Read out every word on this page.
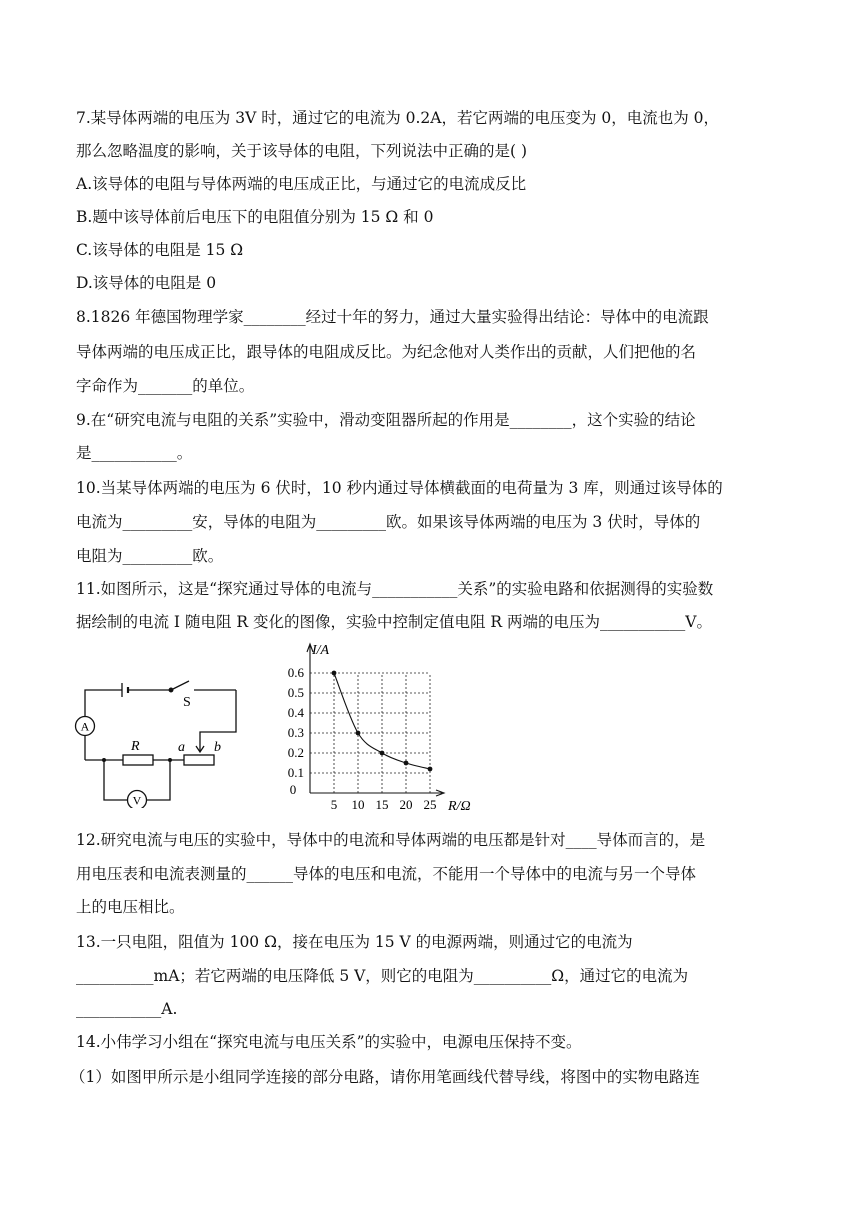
7.某导体两端的电压为 3V 时，通过它的电流为 0.2A，若它两端的电压变为 0，电流也为 0，
那么忽略温度的影响，关于该导体的电阻，下列说法中正确的是( )
A.该导体的电阻与导体两端的电压成正比，与通过它的电流成反比
B.题中该导体前后电压下的电阻值分别为 15 Ω 和 0
C.该导体的电阻是 15 Ω
D.该导体的电阻是 0
8.1826 年德国物理学家________经过十年的努力，通过大量实验得出结论：导体中的电流跟
导体两端的电压成正比，跟导体的电阻成反比。为纪念他对人类作出的贡献，人们把他的名
字命作为_______的单位。
9.在“研究电流与电阻的关系”实验中，滑动变阻器所起的作用是________，这个实验的结论
是___________。
10.当某导体两端的电压为 6 伏时，10 秒内通过导体横截面的电荷量为 3 库，则通过该导体的
电流为_________安，导体的电阻为_________欧。如果该导体两端的电压为 3 伏时，导体的
电阻为_________欧。
11.如图所示，这是“探究通过导体的电流与___________关系”的实验电路和依据测得的实验数
据绘制的电流 I 随电阻 R 变化的图像，实验中控制定值电阻 R 两端的电压为___________V。
A
V
S
R	a b
5 10 15 20 25
0.1
0.2
0.3
0.4
0.5
0.6
0
I/A
R/Ω
12.研究电流与电压的实验中，导体中的电流和导体两端的电压都是针对____导体而言的，是
用电压表和电流表测量的______导体的电压和电流，不能用一个导体中的电流与另一个导体
上的电压相比。
13.一只电阻，阻值为 100 Ω，接在电压为 15 V 的电源两端，则通过它的电流为
__________mA；若它两端的电压降低 5 V，则它的电阻为__________Ω，通过它的电流为
___________A.
14.小伟学习小组在“探究电流与电压关系”的实验中，电源电压保持不变。
（1）如图甲所示是小组同学连接的部分电路，请你用笔画线代替导线，将图中的实物电路连
